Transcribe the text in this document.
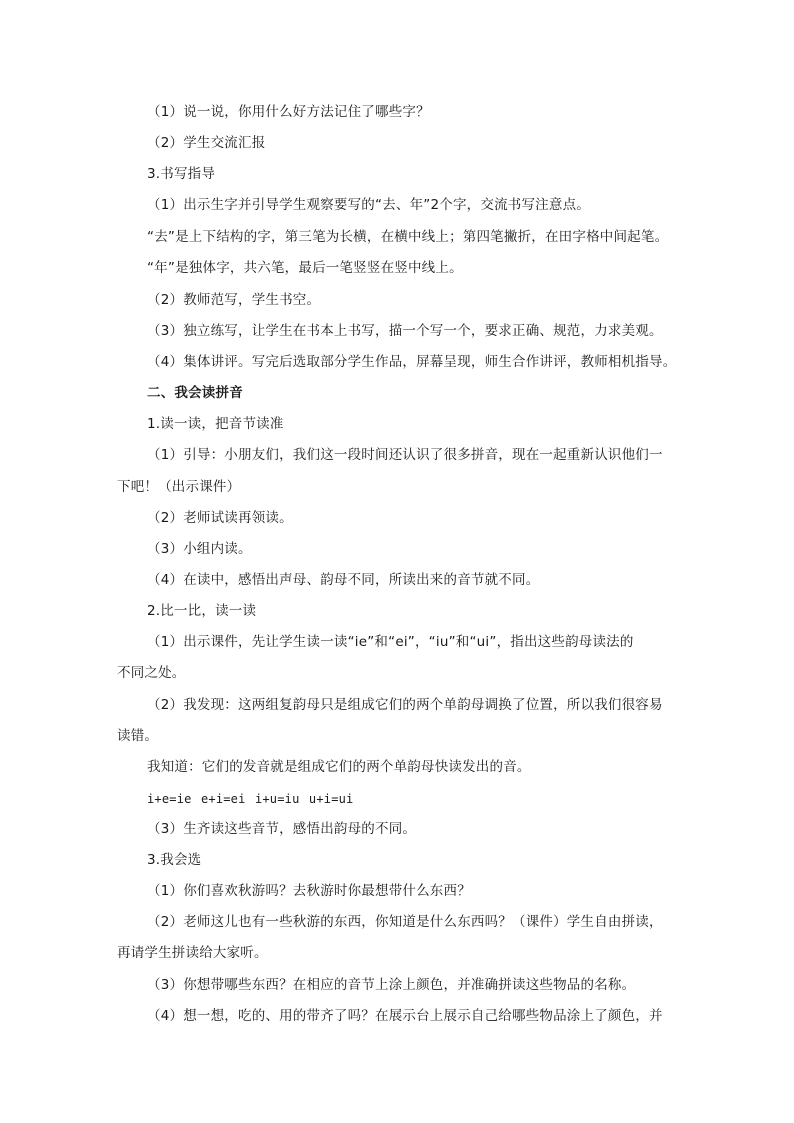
（1）说一说，你用什么好方法记住了哪些字？
（2）学生交流汇报
3.书写指导
（1）出示生字并引导学生观察要写的“去、年”2个字，交流书写注意点。
“去”是上下结构的字，第三笔为长横，在横中线上；第四笔撇折，在田字格中间起笔。
“年”是独体字，共六笔，最后一笔竖竖在竖中线上。
（2）教师范写，学生书空。
（3）独立练写，让学生在书本上书写，描一个写一个，要求正确、规范，力求美观。
（4）集体讲评。写完后选取部分学生作品，屏幕呈现，师生合作讲评，教师相机指导。
二、我会读拼音
1.读一读，把音节读准
（1）引导：小朋友们，我们这一段时间还认识了很多拼音，现在一起重新认识他们一
下吧！（出示课件）
（2）老师试读再领读。
（3）小组内读。
（4）在读中，感悟出声母、韵母不同，所读出来的音节就不同。
2.比一比，读一读
（1）出示课件，先让学生读一读“ie”和“ei”，“iu”和“ui”，指出这些韵母读法的
不同之处。
（2）我发现：这两组复韵母只是组成它们的两个单韵母调换了位置，所以我们很容易
读错。
我知道：它们的发音就是组成它们的两个单韵母快读发出的音。
i+e=ie e+i=ei i+u=iu u+i=ui
（3）生齐读这些音节，感悟出韵母的不同。
3.我会选
（1）你们喜欢秋游吗？去秋游时你最想带什么东西？
（2）老师这儿也有一些秋游的东西，你知道是什么东西吗？（课件）学生自由拼读，
再请学生拼读给大家听。
（3）你想带哪些东西？在相应的音节上涂上颜色，并准确拼读这些物品的名称。
（4）想一想，吃的、用的带齐了吗？在展示台上展示自己给哪些物品涂上了颜色，并
